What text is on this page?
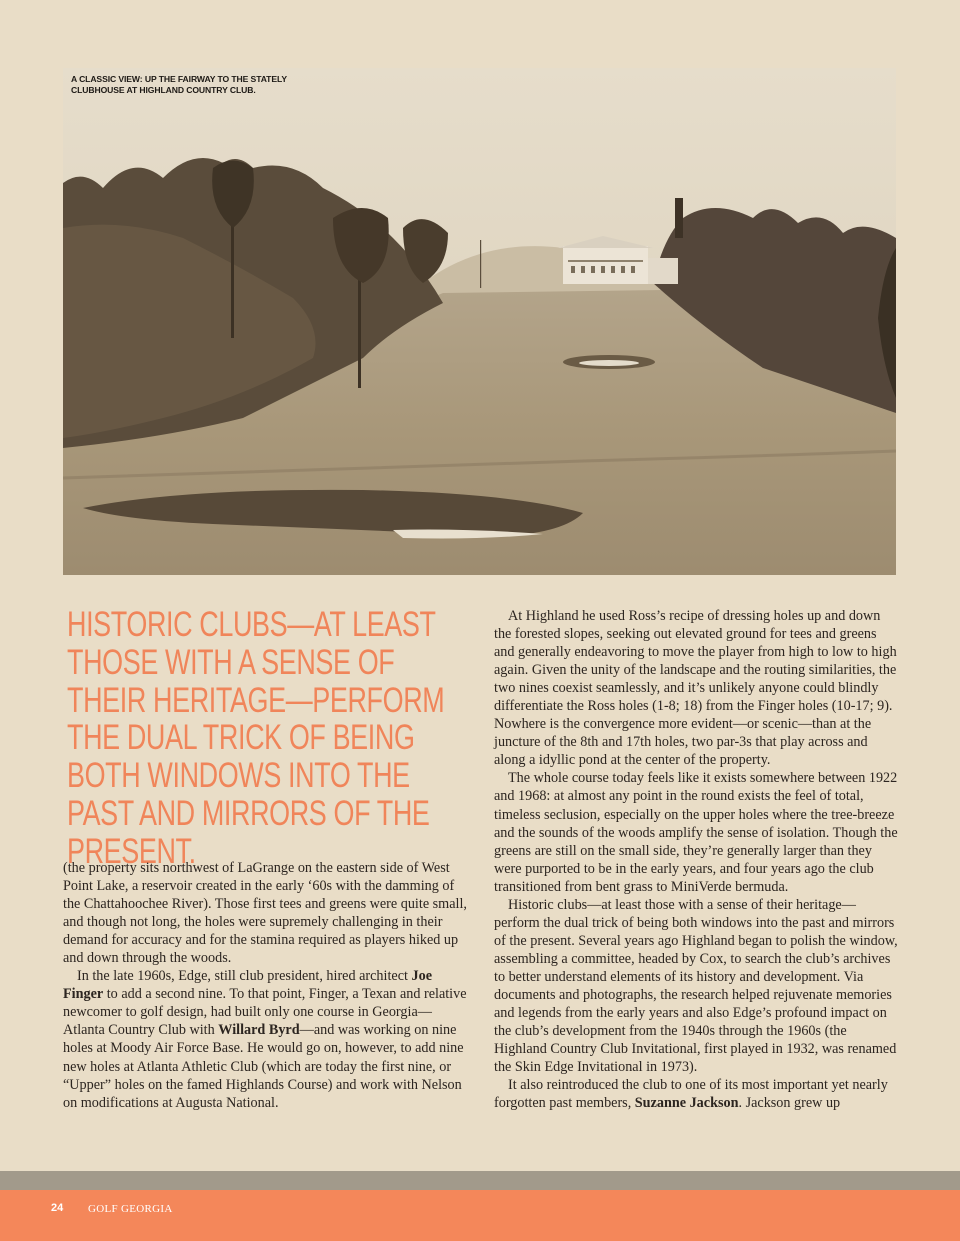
A CLASSIC VIEW: UP THE FAIRWAY TO THE STATELY CLUBHOUSE AT HIGHLAND COUNTRY CLUB.
HISTORIC CLUBS—AT LEAST THOSE WITH A SENSE OF THEIR HERITAGE—PERFORM THE DUAL TRICK OF BEING BOTH WINDOWS INTO THE PAST AND MIRRORS OF THE PRESENT.

(the property sits northwest of LaGrange on the eastern side of West Point Lake, a reservoir created in the early ‘60s with the damming of the Chattahoochee River). Those first tees and greens were quite small, and though not long, the holes were supremely challenging in their demand for accuracy and for the stamina required as players hiked up and down through the woods.

In the late 1960s, Edge, still club president, hired architect Joe Finger to add a second nine. To that point, Finger, a Texan and relative newcomer to golf design, had built only one course in Georgia—Atlanta Country Club with Willard Byrd—and was working on nine holes at Moody Air Force Base. He would go on, however, to add nine new holes at Atlanta Athletic Club (which are today the first nine, or “Upper” holes on the famed Highlands Course) and work with Nelson on modifications at Augusta National.

At Highland he used Ross’s recipe of dressing holes up and down the forested slopes, seeking out elevated ground for tees and greens and generally endeavoring to move the player from high to low to high again. Given the unity of the landscape and the routing similarities, the two nines coexist seamlessly, and it’s unlikely anyone could blindly differentiate the Ross holes (1-8; 18) from the Finger holes (10-17; 9). Nowhere is the convergence more evident—or scenic—than at the juncture of the 8th and 17th holes, two par-3s that play across and along a idyllic pond at the center of the property.

The whole course today feels like it exists somewhere between 1922 and 1968: at almost any point in the round exists the feel of total, timeless seclusion, especially on the upper holes where the tree-breeze and the sounds of the woods amplify the sense of isolation. Though the greens are still on the small side, they’re generally larger than they were purported to be in the early years, and four years ago the club transitioned from bent grass to MiniVerde bermuda.

Historic clubs—at least those with a sense of their heritage—perform the dual trick of being both windows into the past and mirrors of the present. Several years ago Highland began to polish the window, assembling a committee, headed by Cox, to search the club’s archives to better understand elements of its history and development. Via documents and photographs, the research helped rejuvenate memories and legends from the early years and also Edge’s profound impact on the club’s development from the 1940s through the 1960s (the Highland Country Club Invitational, first played in 1932, was renamed the Skin Edge Invitational in 1973).

It also reintroduced the club to one of its most important yet nearly forgotten past members, Suzanne Jackson. Jackson grew up

24 GOLF GEORGIA
